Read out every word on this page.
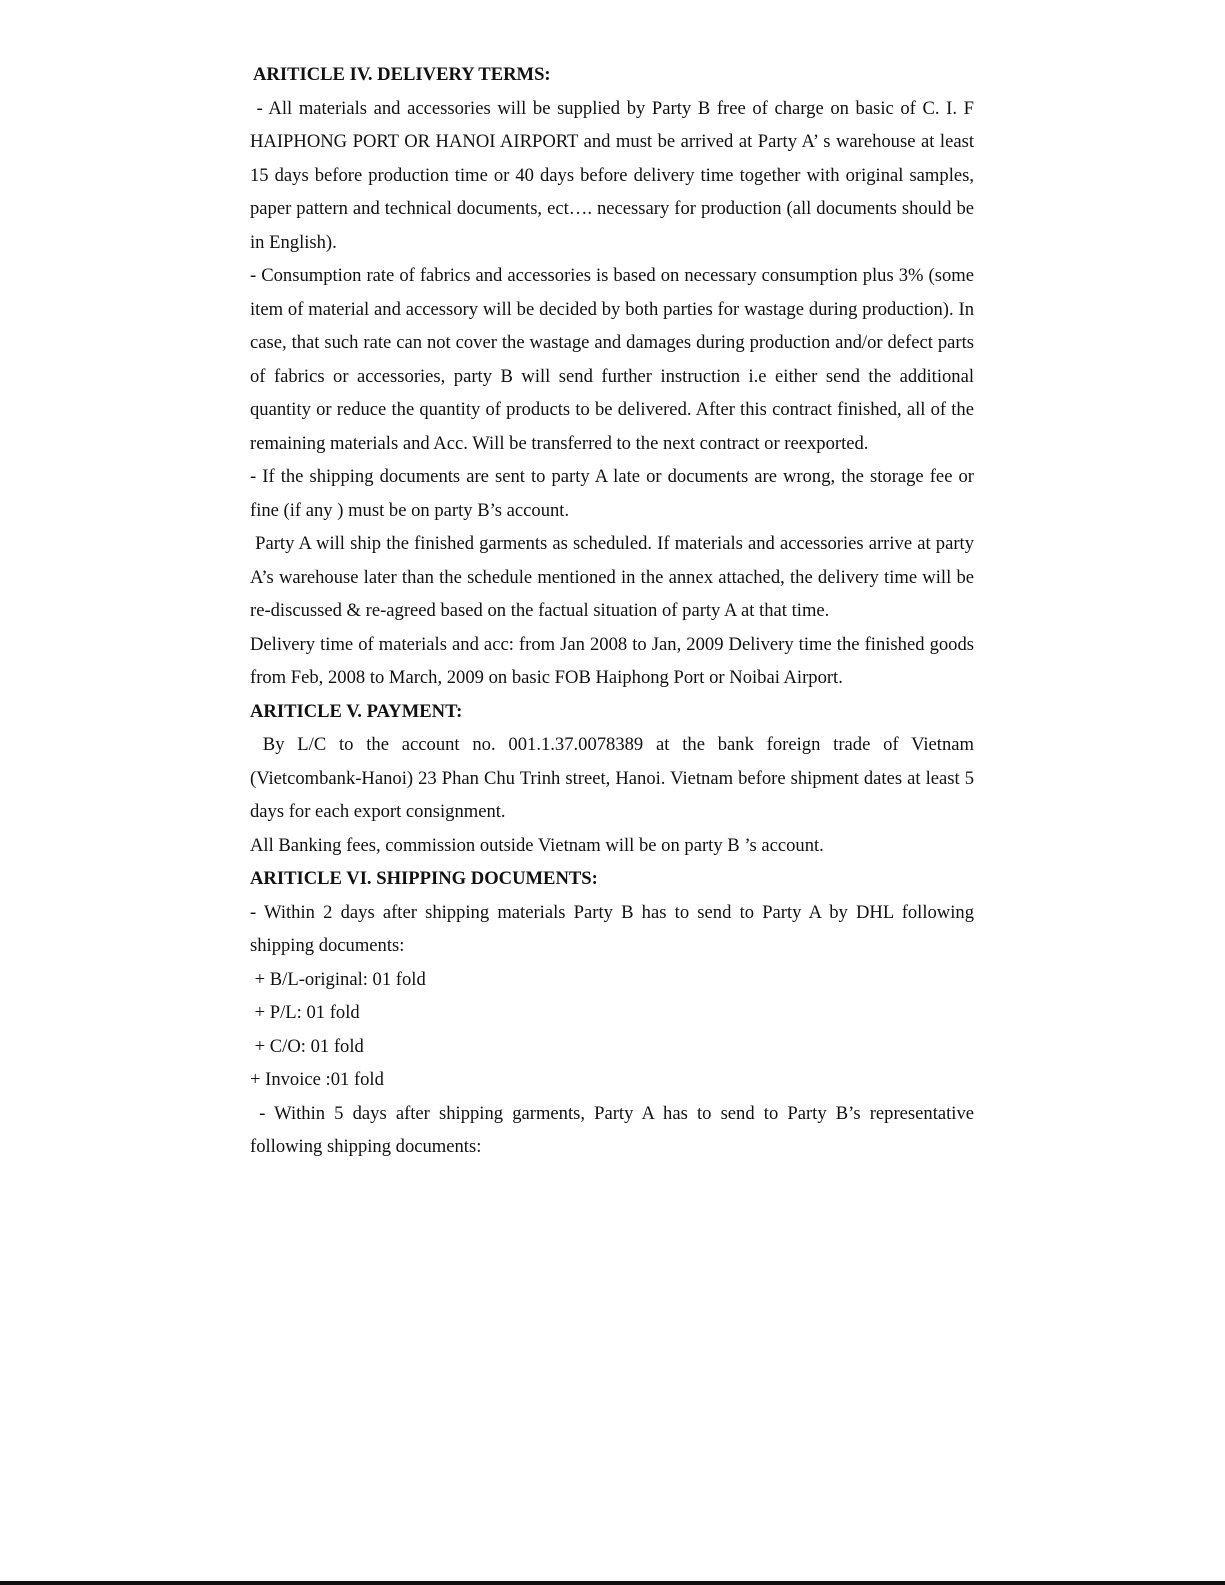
ARITICLE IV. DELIVERY TERMS:

- All materials and accessories will be supplied by Party B free of charge on basic of C. I. F HAIPHONG PORT OR HANOI AIRPORT and must be arrived at Party A’ s warehouse at least 15 days before production time or 40 days before delivery time together with original samples, paper pattern and technical documents, ect…. necessary for production (all documents should be in English).

- Consumption rate of fabrics and accessories is based on necessary consumption plus 3% (some item of material and accessory will be decided by both parties for wastage during production). In case, that such rate can not cover the wastage and damages during production and/or defect parts of fabrics or accessories, party B will send further instruction i.e either send the additional quantity or reduce the quantity of products to be delivered. After this contract finished, all of the remaining materials and Acc. Will be transferred to the next contract or reexported.

- If the shipping documents are sent to party A late or documents are wrong, the storage fee or fine (if any ) must be on party B’s account.

Party A will ship the finished garments as scheduled. If materials and accessories arrive at party A’s warehouse later than the schedule mentioned in the annex attached, the delivery time will be re-discussed & re-agreed based on the factual situation of party A at that time.

Delivery time of materials and acc: from Jan 2008 to Jan, 2009 Delivery time the finished goods from Feb, 2008 to March, 2009 on basic FOB Haiphong Port or Noibai Airport.

ARITICLE V. PAYMENT:

By L/C to the account no. 001.1.37.0078389 at the bank foreign trade of Vietnam (Vietcombank-Hanoi) 23 Phan Chu Trinh street, Hanoi. Vietnam before shipment dates at least 5 days for each export consignment.

All Banking fees, commission outside Vietnam will be on party B ’s account.

ARITICLE VI. SHIPPING DOCUMENTS:

- Within 2 days after shipping materials Party B has to send to Party A by DHL following shipping documents:

+ B/L-original: 01 fold

+ P/L: 01 fold

+ C/O: 01 fold

+ Invoice :01 fold

- Within 5 days after shipping garments, Party A has to send to Party B’s representative following shipping documents:
